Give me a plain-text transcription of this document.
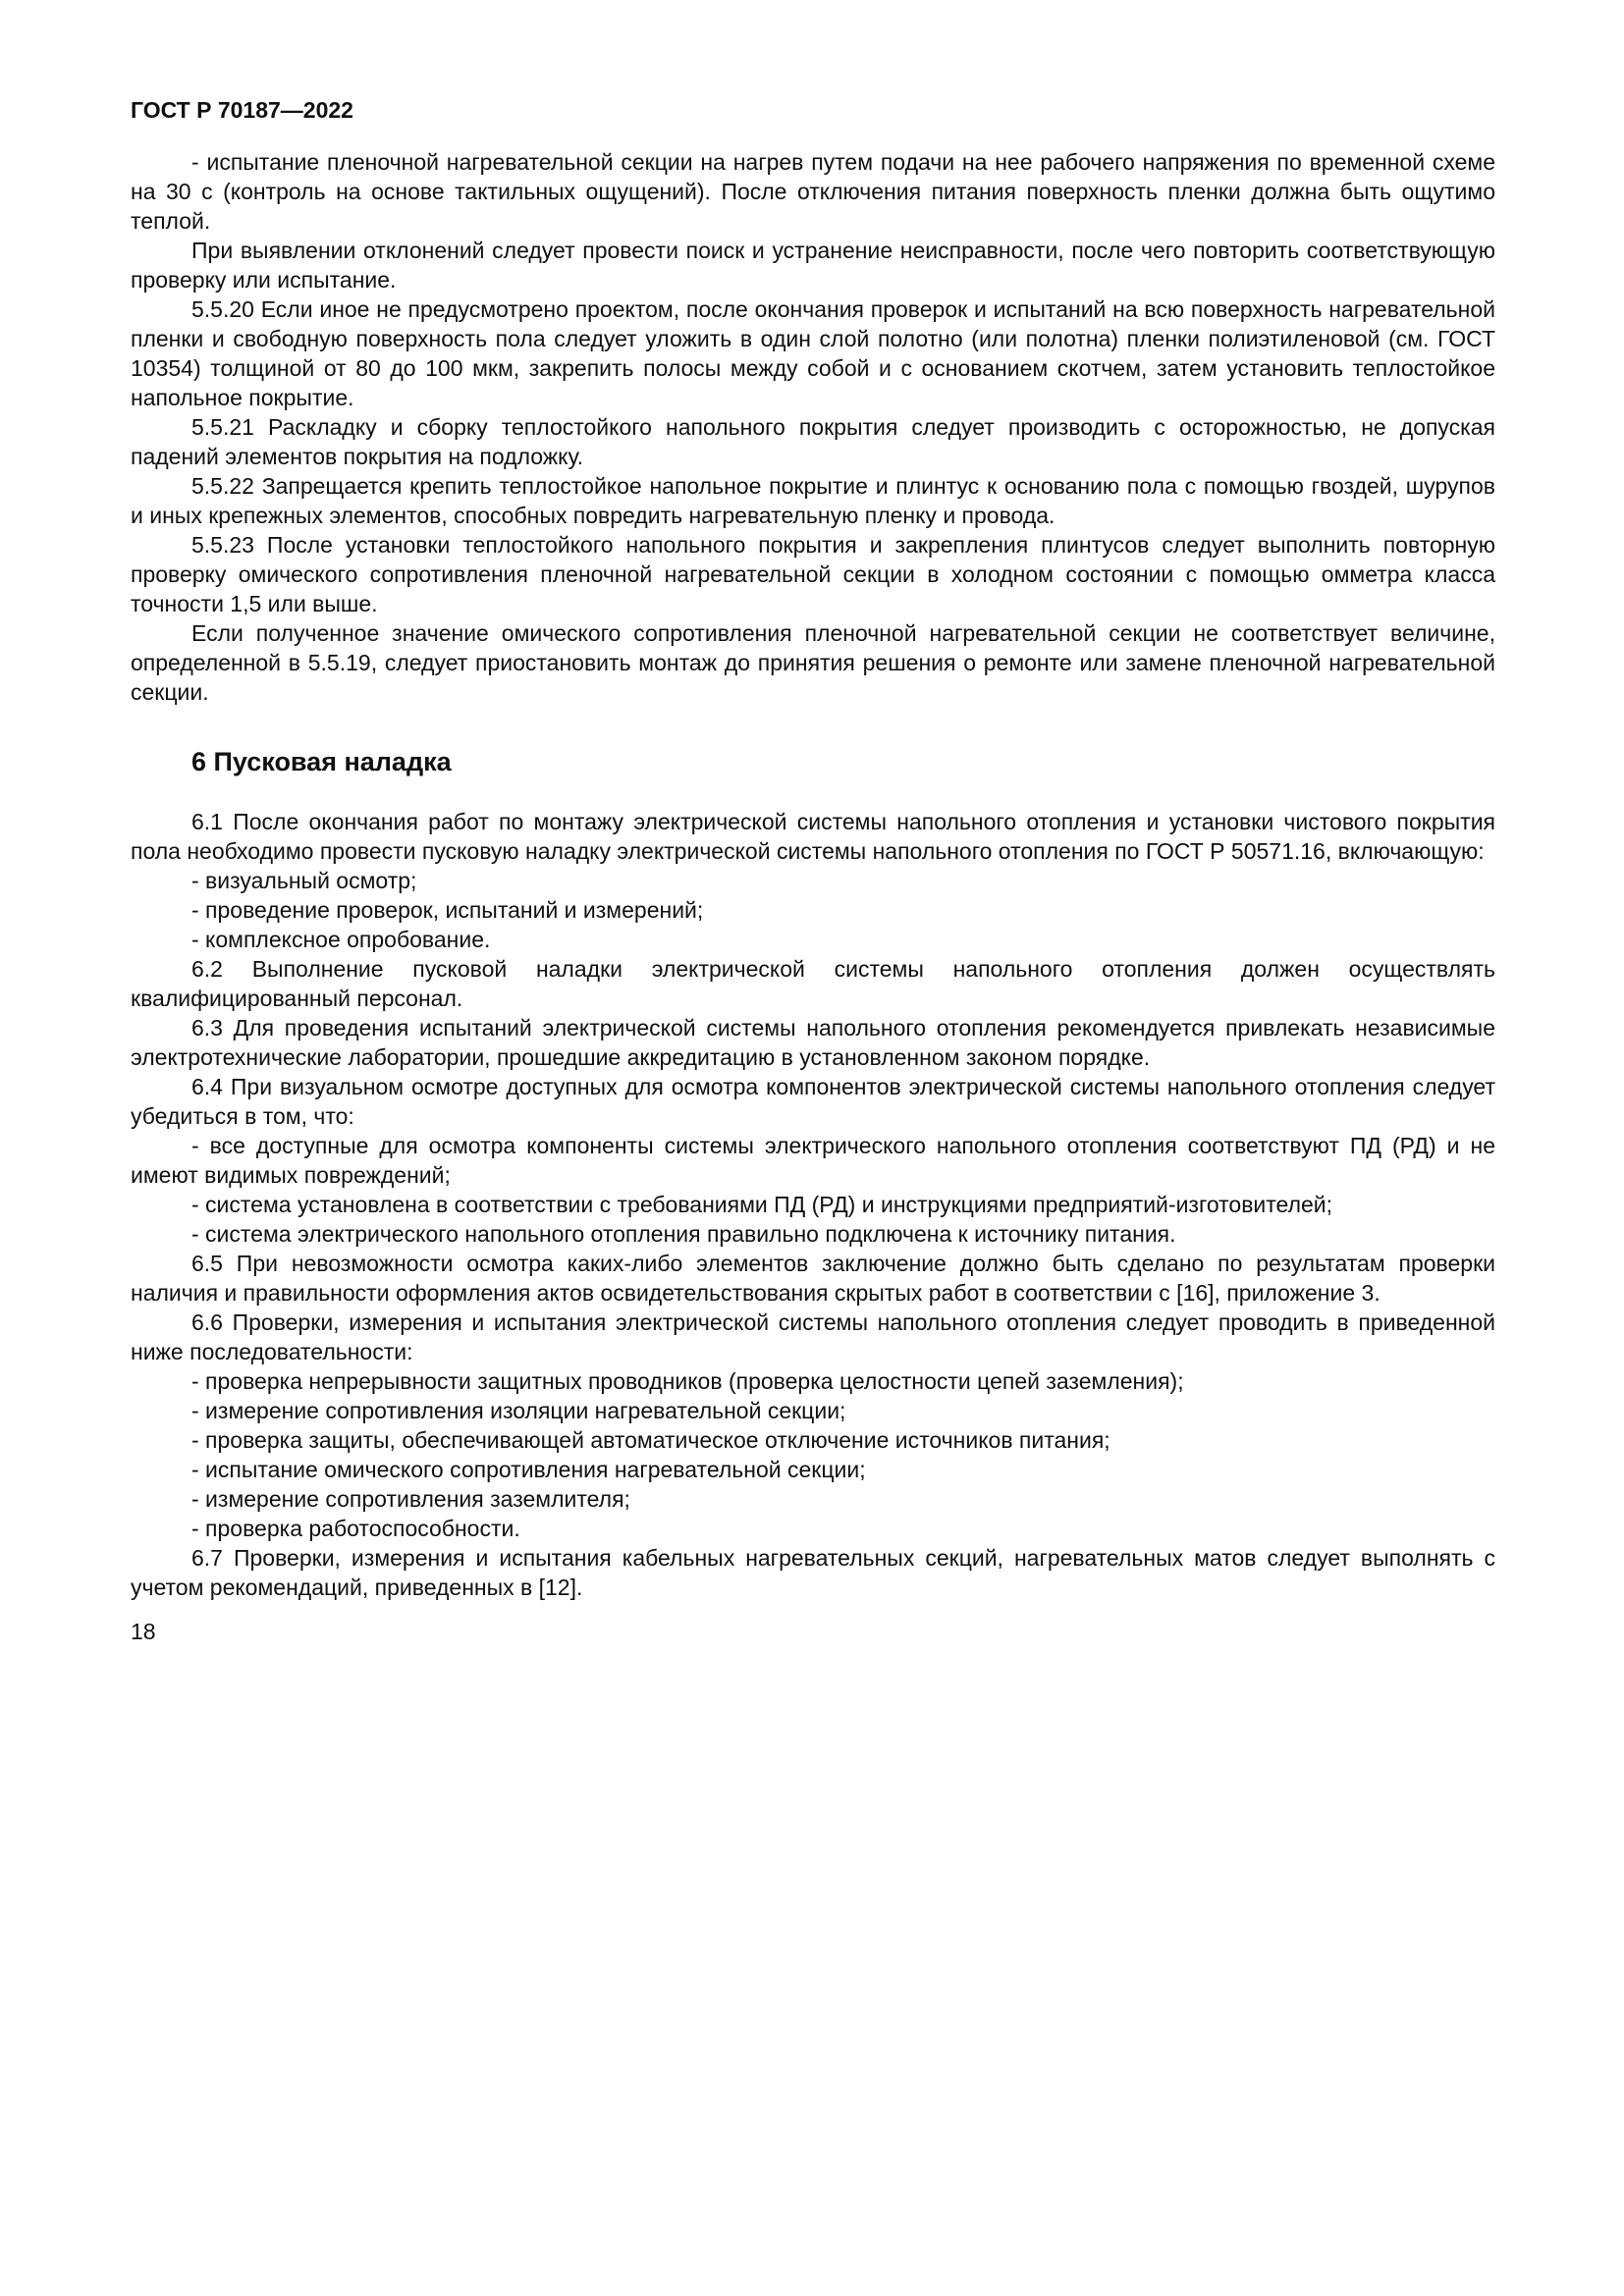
ГОСТ Р 70187—2022

- испытание пленочной нагревательной секции на нагрев путем подачи на нее рабочего напряжения по временной схеме на 30 с (контроль на основе тактильных ощущений). После отключения питания поверхность пленки должна быть ощутимо теплой.

При выявлении отклонений следует провести поиск и устранение неисправности, после чего повторить соответствующую проверку или испытание.

5.5.20 Если иное не предусмотрено проектом, после окончания проверок и испытаний на всю поверхность нагревательной пленки и свободную поверхность пола следует уложить в один слой полотно (или полотна) пленки полиэтиленовой (см. ГОСТ 10354) толщиной от 80 до 100 мкм, закрепить полосы между собой и с основанием скотчем, затем установить теплостойкое напольное покрытие.

5.5.21 Раскладку и сборку теплостойкого напольного покрытия следует производить с осторожностью, не допуская падений элементов покрытия на подложку.

5.5.22 Запрещается крепить теплостойкое напольное покрытие и плинтус к основанию пола с помощью гвоздей, шурупов и иных крепежных элементов, способных повредить нагревательную пленку и провода.

5.5.23 После установки теплостойкого напольного покрытия и закрепления плинтусов следует выполнить повторную проверку омического сопротивления пленочной нагревательной секции в холодном состоянии с помощью омметра класса точности 1,5 или выше.

Если полученное значение омического сопротивления пленочной нагревательной секции не соответствует величине, определенной в 5.5.19, следует приостановить монтаж до принятия решения о ремонте или замене пленочной нагревательной секции.

6 Пусковая наладка

6.1 После окончания работ по монтажу электрической системы напольного отопления и установки чистового покрытия пола необходимо провести пусковую наладку электрической системы напольного отопления по ГОСТ Р 50571.16, включающую:

- визуальный осмотр;

- проведение проверок, испытаний и измерений;

- комплексное опробование.

6.2 Выполнение пусковой наладки электрической системы напольного отопления должен осуществлять квалифицированный персонал.

6.3 Для проведения испытаний электрической системы напольного отопления рекомендуется привлекать независимые электротехнические лаборатории, прошедшие аккредитацию в установленном законом порядке.

6.4 При визуальном осмотре доступных для осмотра компонентов электрической системы напольного отопления следует убедиться в том, что:

- все доступные для осмотра компоненты системы электрического напольного отопления соответствуют ПД (РД) и не имеют видимых повреждений;

- система установлена в соответствии с требованиями ПД (РД) и инструкциями предприятий-изготовителей;

- система электрического напольного отопления правильно подключена к источнику питания.

6.5 При невозможности осмотра каких-либо элементов заключение должно быть сделано по результатам проверки наличия и правильности оформления актов освидетельствования скрытых работ в соответствии с [16], приложение 3.

6.6 Проверки, измерения и испытания электрической системы напольного отопления следует проводить в приведенной ниже последовательности:

- проверка непрерывности защитных проводников (проверка целостности цепей заземления);

- измерение сопротивления изоляции нагревательной секции;

- проверка защиты, обеспечивающей автоматическое отключение источников питания;

- испытание омического сопротивления нагревательной секции;

- измерение сопротивления заземлителя;

- проверка работоспособности.

6.7 Проверки, измерения и испытания кабельных нагревательных секций, нагревательных матов следует выполнять с учетом рекомендаций, приведенных в [12].

18
